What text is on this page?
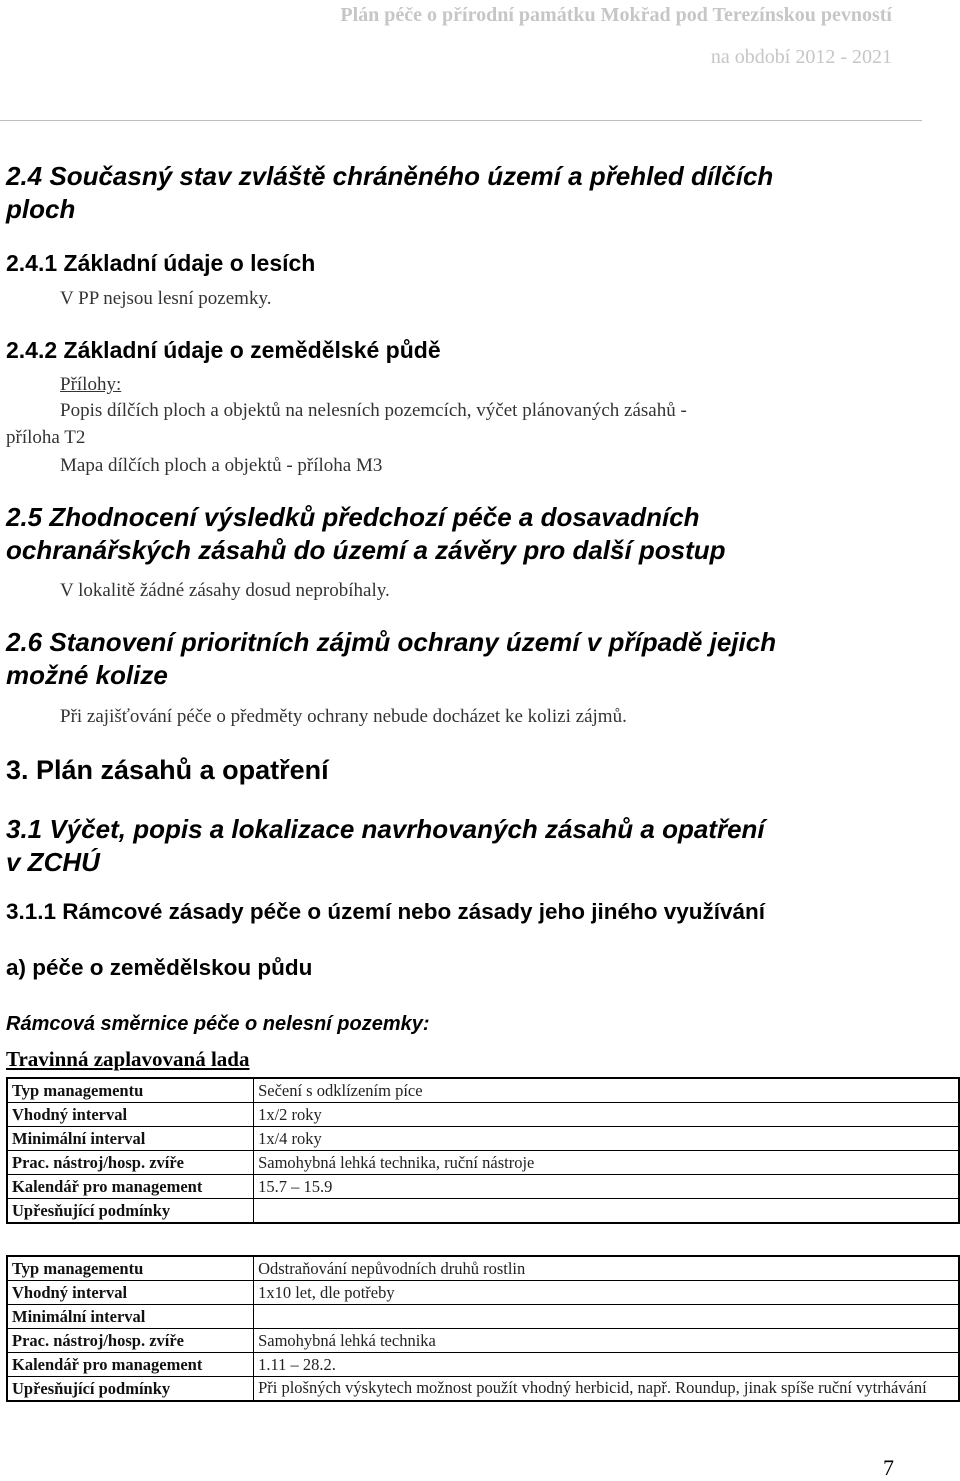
Plán péče o přírodní památku Mokřad pod Terezínskou pevností
na období 2012 - 2021
2.4 Současný stav zvláště chráněného území a přehled dílčích
ploch
2.4.1 Základní údaje o lesích
V PP nejsou lesní pozemky.
2.4.2 Základní údaje o zemědělské půdě
Přílohy:
Popis dílčích ploch a objektů na nelesních pozemcích, výčet plánovaných zásahů -
příloha T2
Mapa dílčích ploch a objektů - příloha M3
2.5 Zhodnocení výsledků předchozí péče a dosavadních
ochranářských zásahů do území a závěry pro další postup
V lokalitě žádné zásahy dosud neprobíhaly.
2.6 Stanovení prioritních zájmů ochrany území v případě jejich
možné kolize
Při zajišťování péče o předměty ochrany nebude docházet ke kolizi zájmů.
3. Plán zásahů a opatření
3.1 Výčet, popis a lokalizace navrhovaných zásahů a opatření
v ZCHÚ
3.1.1 Rámcové zásady péče o území nebo zásady jeho jiného využívání
a) péče o zemědělskou půdu
Rámcová směrnice péče o nelesní pozemky:
Travinná zaplavovaná lada
Typ managementu	Sečení s odklízením píce
Vhodný interval	1x/2 roky
Minimální interval	1x/4 roky
Prac. nástroj/hosp. zvíře	Samohybná lehká technika, ruční nástroje
Kalendář pro management	15.7 – 15.9
Upřesňující podmínky	
Typ managementu	Odstraňování nepůvodních druhů rostlin
Vhodný interval	1x10 let, dle potřeby
Minimální interval	
Prac. nástroj/hosp. zvíře	Samohybná lehká technika
Kalendář pro management	1.11 – 28.2.
Upřesňující podmínky	Při plošných výskytech možnost použít vhodný herbicid, např. Roundup, jinak spíše ruční vytrhávání
7
